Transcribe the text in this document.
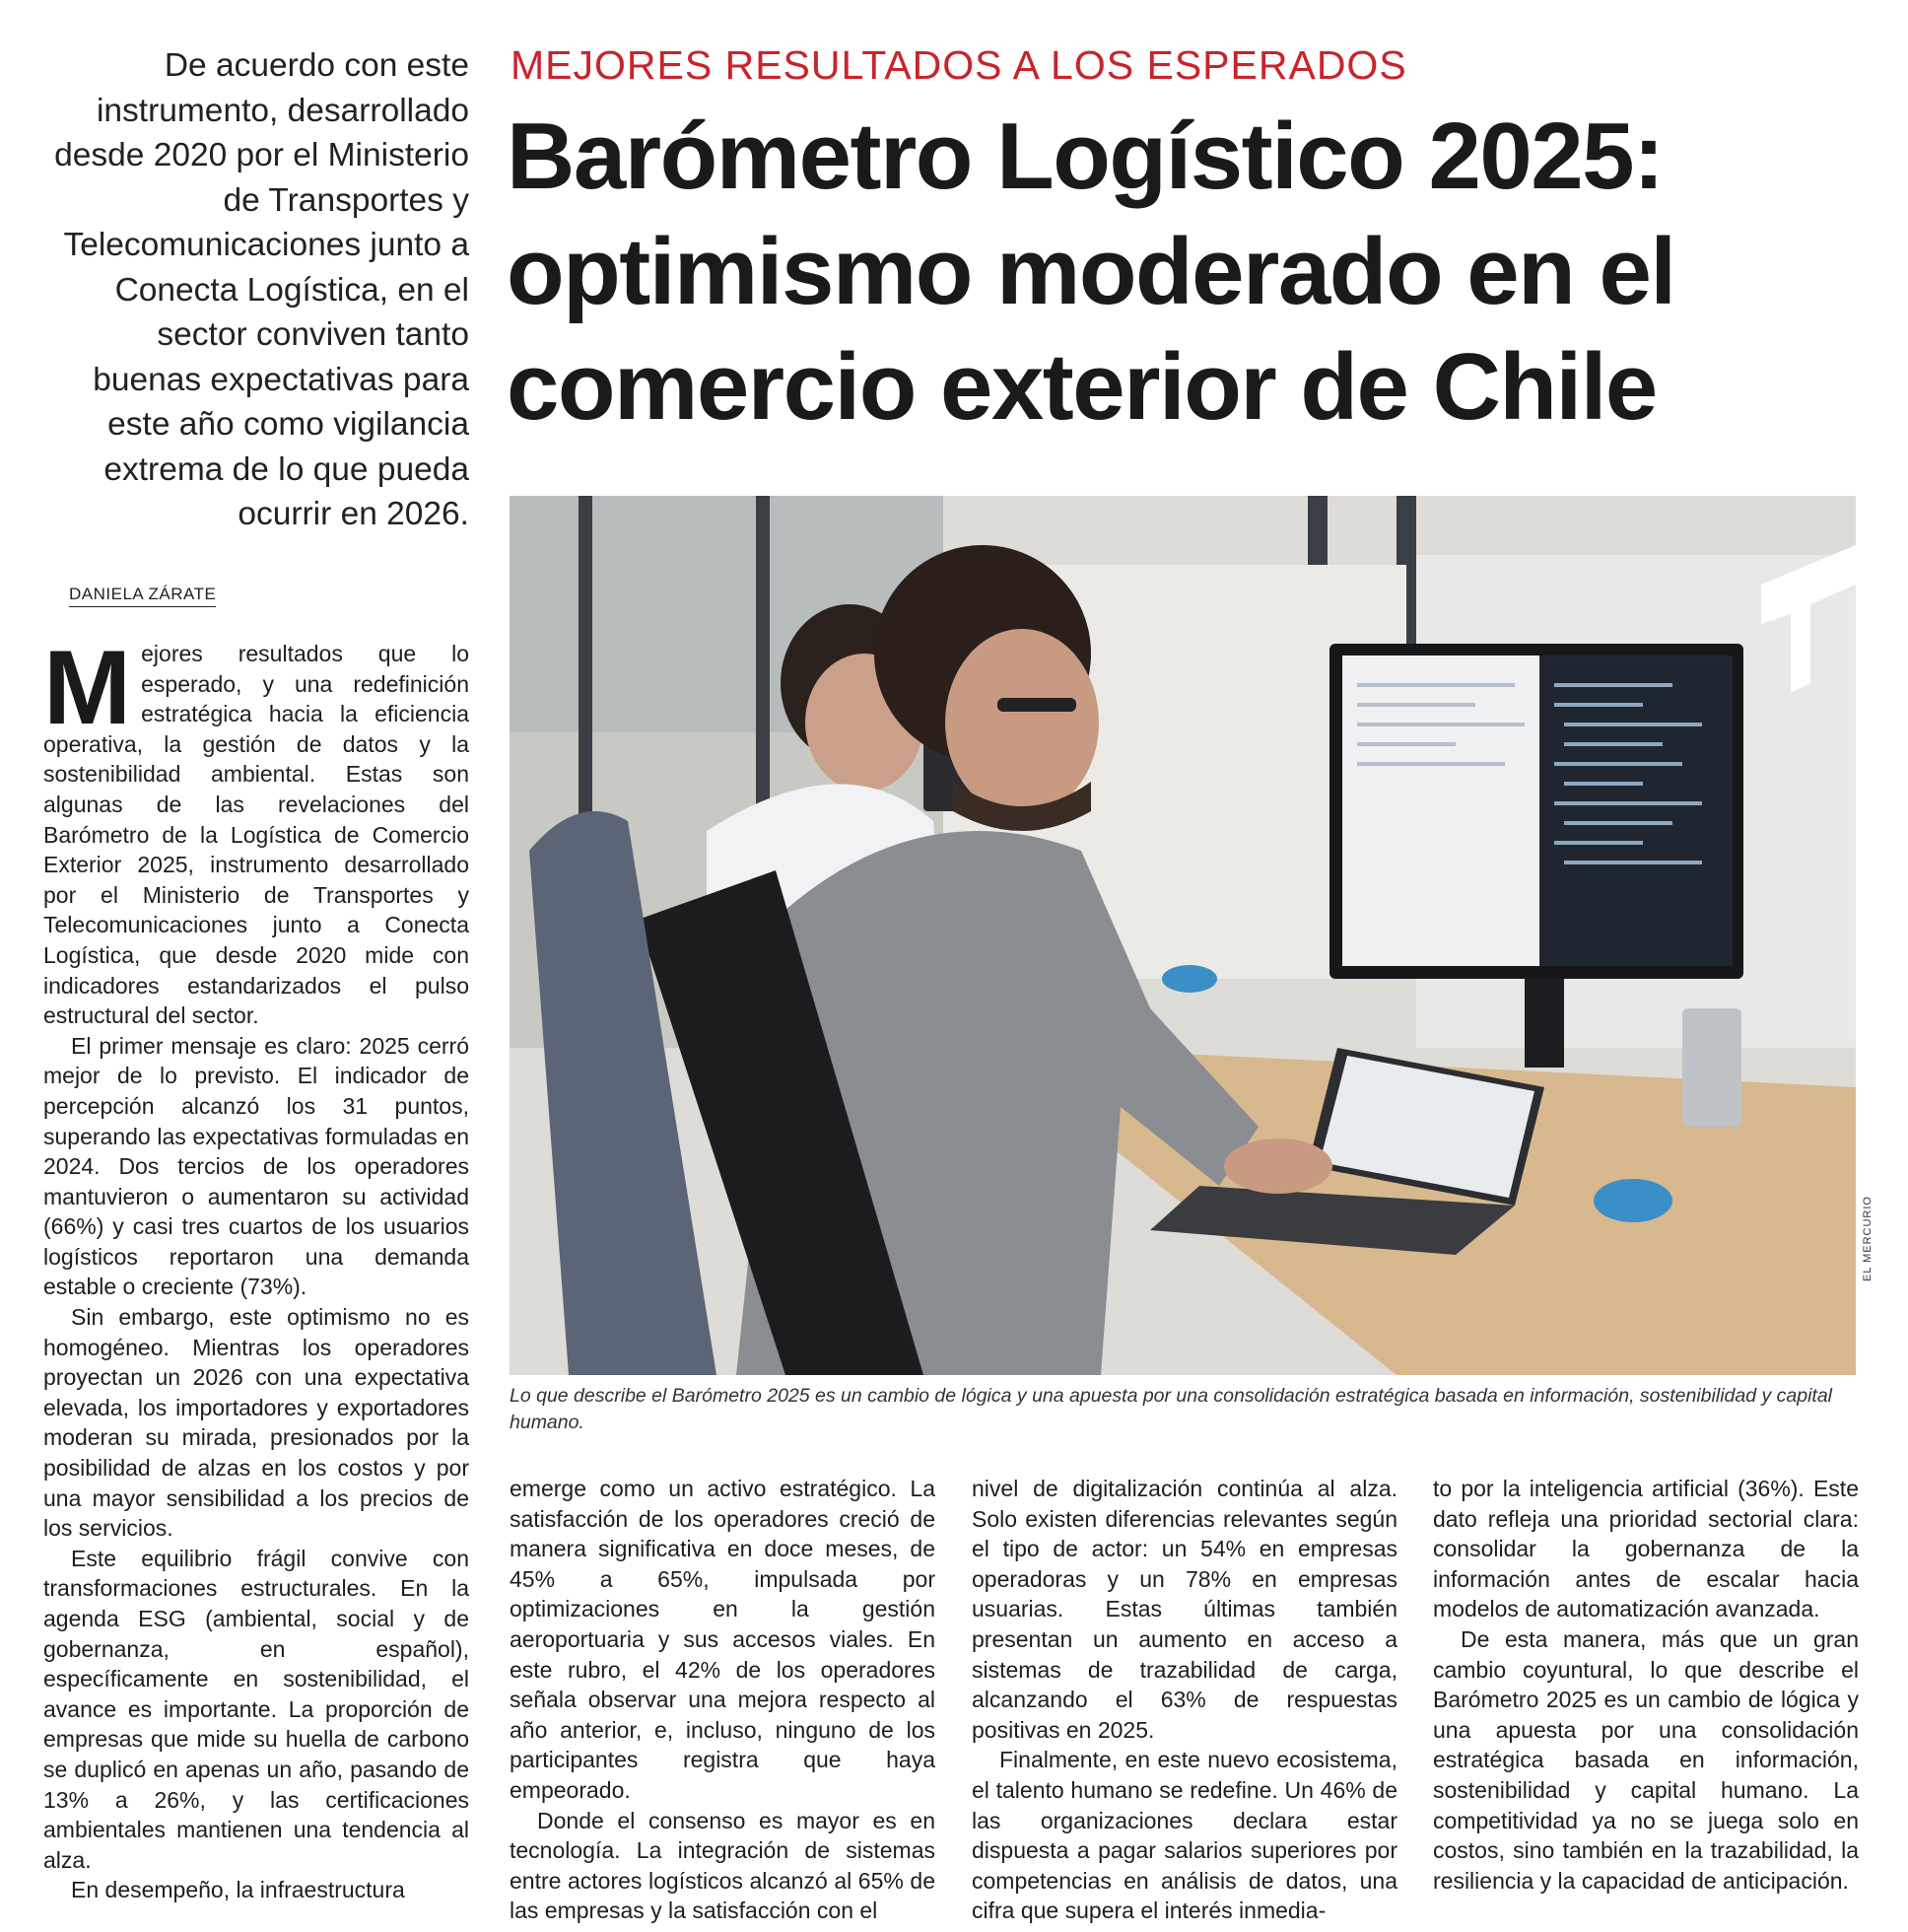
De acuerdo con este instrumento, desarrollado desde 2020 por el Ministerio de Transportes y Telecomunicaciones junto a Conecta Logística, en el sector conviven tanto buenas expectativas para este año como vigilancia extrema de lo que pueda ocurrir en 2026.
MEJORES RESULTADOS A LOS ESPERADOS
Barómetro Logístico 2025:
optimismo moderado en el
comercio exterior de Chile
DANIELA ZÁRATE
EL MERCURIO
Lo que describe el Barómetro 2025 es un cambio de lógica y una apuesta por una consolidación estratégica basada en información, sostenibilidad y capital humano.

Mejores resultados que lo esperado, y una redefinición estratégica hacia la eficiencia operativa, la gestión de datos y la sostenibilidad ambiental. Estas son algunas de las revelaciones del Barómetro de la Logística de Comercio Exterior 2025, instrumento desarrollado por el Ministerio de Transportes y Telecomunicaciones junto a Conecta Logística, que desde 2020 mide con indicadores estandarizados el pulso estructural del sector.

El primer mensaje es claro: 2025 cerró mejor de lo previsto. El indicador de percepción alcanzó los 31 puntos, superando las expectativas formuladas en 2024. Dos tercios de los operadores mantuvieron o aumentaron su actividad (66%) y casi tres cuartos de los usuarios logísticos reportaron una demanda estable o creciente (73%).

Sin embargo, este optimismo no es homogéneo. Mientras los operadores proyectan un 2026 con una expectativa elevada, los importadores y exportadores moderan su mirada, presionados por la posibilidad de alzas en los costos y por una mayor sensibilidad a los precios de los servicios.

Este equilibrio frágil convive con transformaciones estructurales. En la agenda ESG (ambiental, social y de gobernanza, en español), específicamente en sostenibilidad, el avance es importante. La proporción de empresas que mide su huella de carbono se duplicó en apenas un año, pasando de 13% a 26%, y las certificaciones ambientales mantienen una tendencia al alza.

En desempeño, la infraestructura

emerge como un activo estratégico. La satisfacción de los operadores creció de manera significativa en doce meses, de 45% a 65%, impulsada por optimizaciones en la gestión aeroportuaria y sus accesos viales. En este rubro, el 42% de los operadores señala observar una mejora respecto al año anterior, e, incluso, ninguno de los participantes registra que haya empeorado.

Donde el consenso es mayor es en tecnología. La integración de sistemas entre actores logísticos alcanzó al 65% de las empresas y la satisfacción con el

nivel de digitalización continúa al alza. Solo existen diferencias relevantes según el tipo de actor: un 54% en empresas operadoras y un 78% en empresas usuarias. Estas últimas también presentan un aumento en acceso a sistemas de trazabilidad de carga, alcanzando el 63% de respuestas positivas en 2025.

Finalmente, en este nuevo ecosistema, el talento humano se redefine. Un 46% de las organizaciones declara estar dispuesta a pagar salarios superiores por competencias en análisis de datos, una cifra que supera el interés inmedia-

to por la inteligencia artificial (36%). Este dato refleja una prioridad sectorial clara: consolidar la gobernanza de la información antes de escalar hacia modelos de automatización avanzada.

De esta manera, más que un gran cambio coyuntural, lo que describe el Barómetro 2025 es un cambio de lógica y una apuesta por una consolidación estratégica basada en información, sostenibilidad y capital humano. La competitividad ya no se juega solo en costos, sino también en la trazabilidad, la resiliencia y la capacidad de anticipación.
